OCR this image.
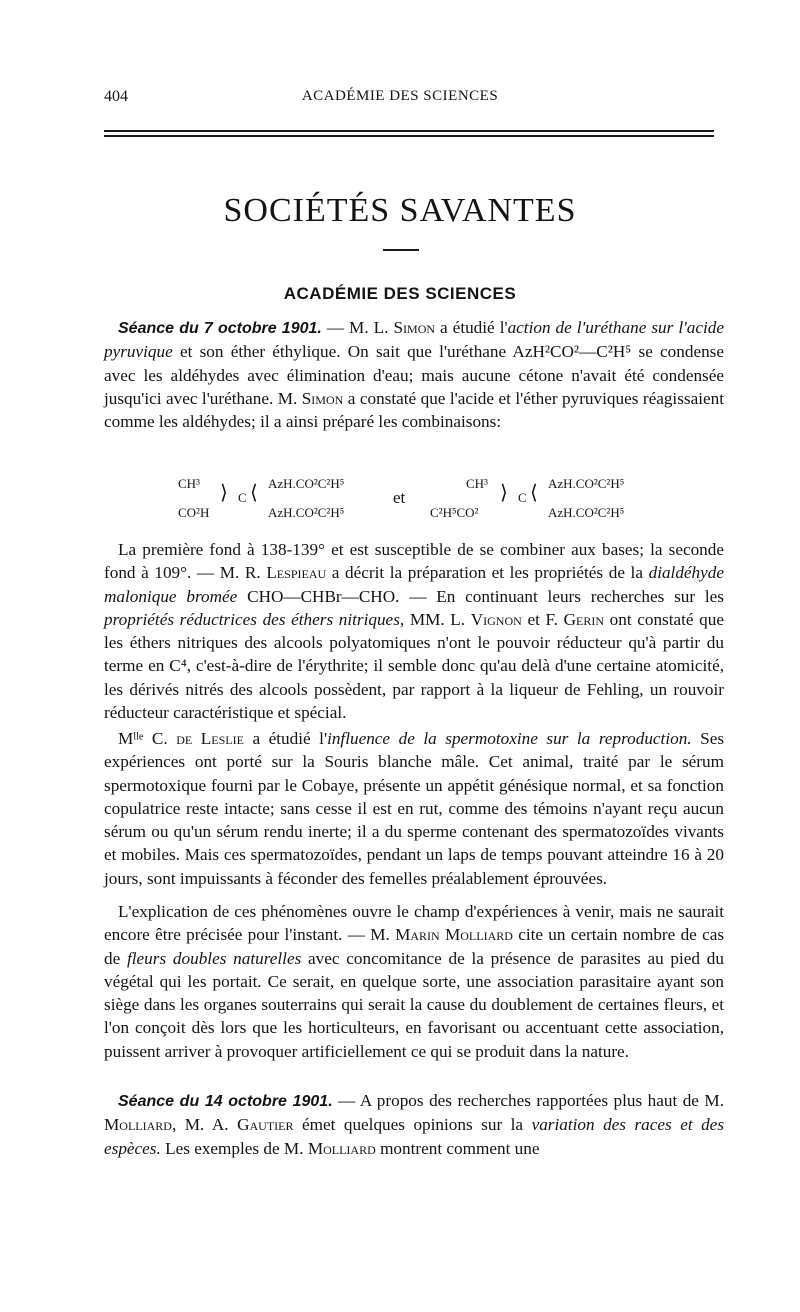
404	ACADÉMIE DES SCIENCES
SOCIÉTÉS SAVANTES
ACADÉMIE DES SCIENCES

Séance du 7 octobre 1901. — M. L. Simon a étudié l'action de l'uréthane sur l'acide pyruvique et son éther éthylique. On sait que l'uréthane AzH²CO²—C²H⁵ se condense avec les aldéhydes avec élimination d'eau; mais aucune cétone n'avait été condensée jusqu'ici avec l'uréthane. M. Simon a constaté que l'acide et l'éther pyruviques réagissaient comme les aldéhydes; il a ainsi préparé les combinaisons:

CH³
CO²H
⟩ C ⟨ AzH.CO²C²H⁵
AzH.CO²C²H⁵
et
CH³
C²H⁵CO²
⟩ C ⟨ AzH.CO²C²H⁵
AzH.CO²C²H⁵

La première fond à 138-139° et est susceptible de se combiner aux bases; la seconde fond à 109°. — M. R. Lespieau a décrit la préparation et les propriétés de la dialdéhyde malonique bromée CHO—CHBr—CHO. — En continuant leurs recherches sur les propriétés réductrices des éthers nitriques, MM. L. Vignon et F. Gerin ont constaté que les éthers nitriques des alcools polyatomiques n'ont le pouvoir réducteur qu'à partir du terme en C⁴, c'est-à-dire de l'érythrite; il semble donc qu'au delà d'une certaine atomicité, les dérivés nitrés des alcools possèdent, par rapport à la liqueur de Fehling, un rouvoir réducteur caractéristique et spécial.

Mˡˡᵉ C. de Leslie a étudié l'influence de la spermotoxine sur la reproduction. Ses expériences ont porté sur la Souris blanche mâle. Cet animal, traité par le sérum spermotoxique fourni par le Cobaye, présente un appétit génésique normal, et sa fonction copulatrice reste intacte; sans cesse il est en rut, comme des témoins n'ayant reçu aucun sérum ou qu'un sérum rendu inerte; il a du sperme contenant des spermatozoïdes vivants et mobiles. Mais ces spermatozoïdes, pendant un laps de temps pouvant atteindre 16 à 20 jours, sont impuissants à féconder des femelles préalablement éprouvées.

L'explication de ces phénomènes ouvre le champ d'expériences à venir, mais ne saurait encore être précisée pour l'instant. — M. Marin Molliard cite un certain nombre de cas de fleurs doubles naturelles avec concomitance de la présence de parasites au pied du végétal qui les portait. Ce serait, en quelque sorte, une association parasitaire ayant son siège dans les organes souterrains qui serait la cause du doublement de certaines fleurs, et l'on conçoit dès lors que les horticulteurs, en favorisant ou accentuant cette association, puissent arriver à provoquer artificiellement ce qui se produit dans la nature.

Séance du 14 octobre 1901. — A propos des recherches rapportées plus haut de M. Molliard, M. A. Gautier émet quelques opinions sur la variation des races et des espèces. Les exemples de M. Molliard montrent comment une
